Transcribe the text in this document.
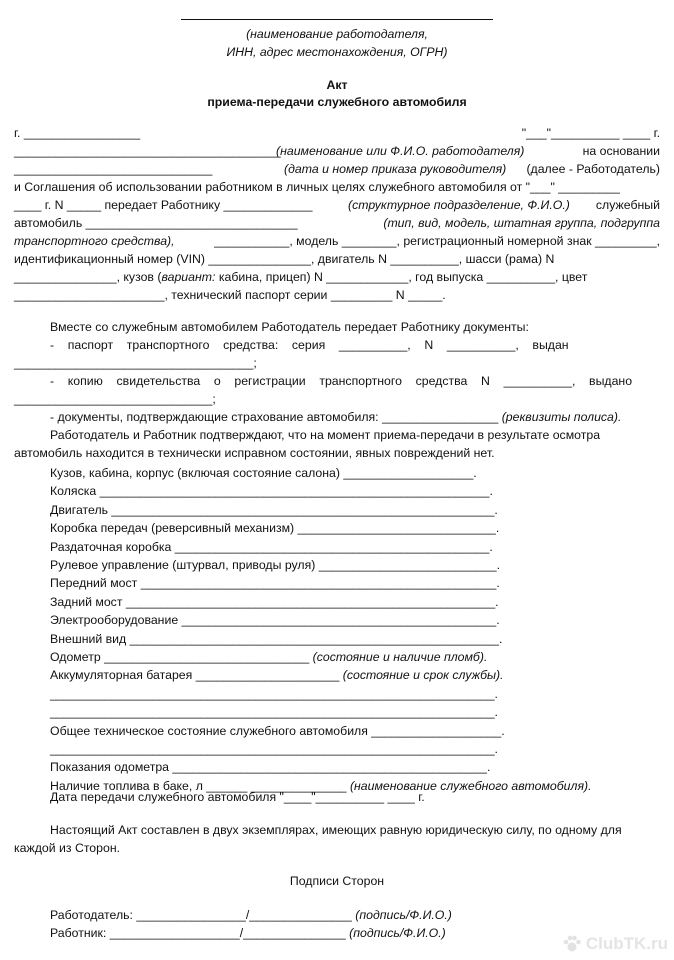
(наименование работодателя,
ИНН, адрес местонахождения, ОГРН)
Акт
приема-передачи служебного автомобиля
г. _________________	"___"__________ ____ г.
_______________________________________
(наименование или Ф.И.О. работодателя)	на основании
_____________________________	(дата и номер приказа руководителя) (далее - Работодатель)
и Соглашения об использовании работником в личных целях служебного автомобиля от "___" _________
____ г. N _____ передает Работнику _____________	(структурное подразделение, Ф.И.О.) служебный
автомобиль _______________________________	(тип, вид, модель, штатная группа, подгруппа
транспортного средства),	___________, модель ________, регистрационный номерной знак _________,
идентификационный номер (VIN) _______________, двигатель N __________, шасси (рама) N
_______________, кузов (вариант: кабина, прицеп) N ____________, год выпуска __________, цвет
______________________, технический паспорт серии _________ N _____.
Вместе со служебным автомобилем Работодатель передает Работнику документы:
-    паспорт    транспортного    средства:    серия    __________,    N    __________,    выдан
___________________________________;
-    копию    свидетельства    о    регистрации    транспортного    средства    N    __________,    выдано
_____________________________;
- документы, подтверждающие страхование автомобиля: _________________ (реквизиты полиса).
Работодатель и Работник подтверждают, что на момент приема-передачи в результате осмотра
автомобиль находится в технически исправном состоянии, явных повреждений нет.
Кузов, кабина, корпус (включая состояние салона) ___________________.
Коляска _________________________________________________________.
Двигатель ________________________________________________________.
Коробка передач (реверсивный механизм) _____________________________.
Раздаточная коробка ______________________________________________.
Рулевое управление (штурвал, приводы руля) __________________________.
Передний мост ____________________________________________________.
Задний мост ______________________________________________________.
Электрооборудование ______________________________________________.
Внешний вид ______________________________________________________.
Одометр ______________________________ (состояние и наличие пломб).
Аккумуляторная батарея _____________________ (состояние и срок службы).
_________________________________________________________________.
_________________________________________________________________.
Общее техническое состояние служебного автомобиля ___________________.
_________________________________________________________________.
Показания одометра ______________________________________________.
Наличие топлива в баке, л ______ ______________ (наименование служебного автомобиля).
Дата передачи служебного автомобиля "____"__________ ____ г.
Настоящий Акт составлен в двух экземплярах, имеющих равную юридическую силу, по одному для
каждой из Сторон.
Подписи Сторон
Работодатель: ________________/_______________ (подпись/Ф.И.О.)
Работник: ___________________/_______________ (подпись/Ф.И.О.)
ClubTK.ru
